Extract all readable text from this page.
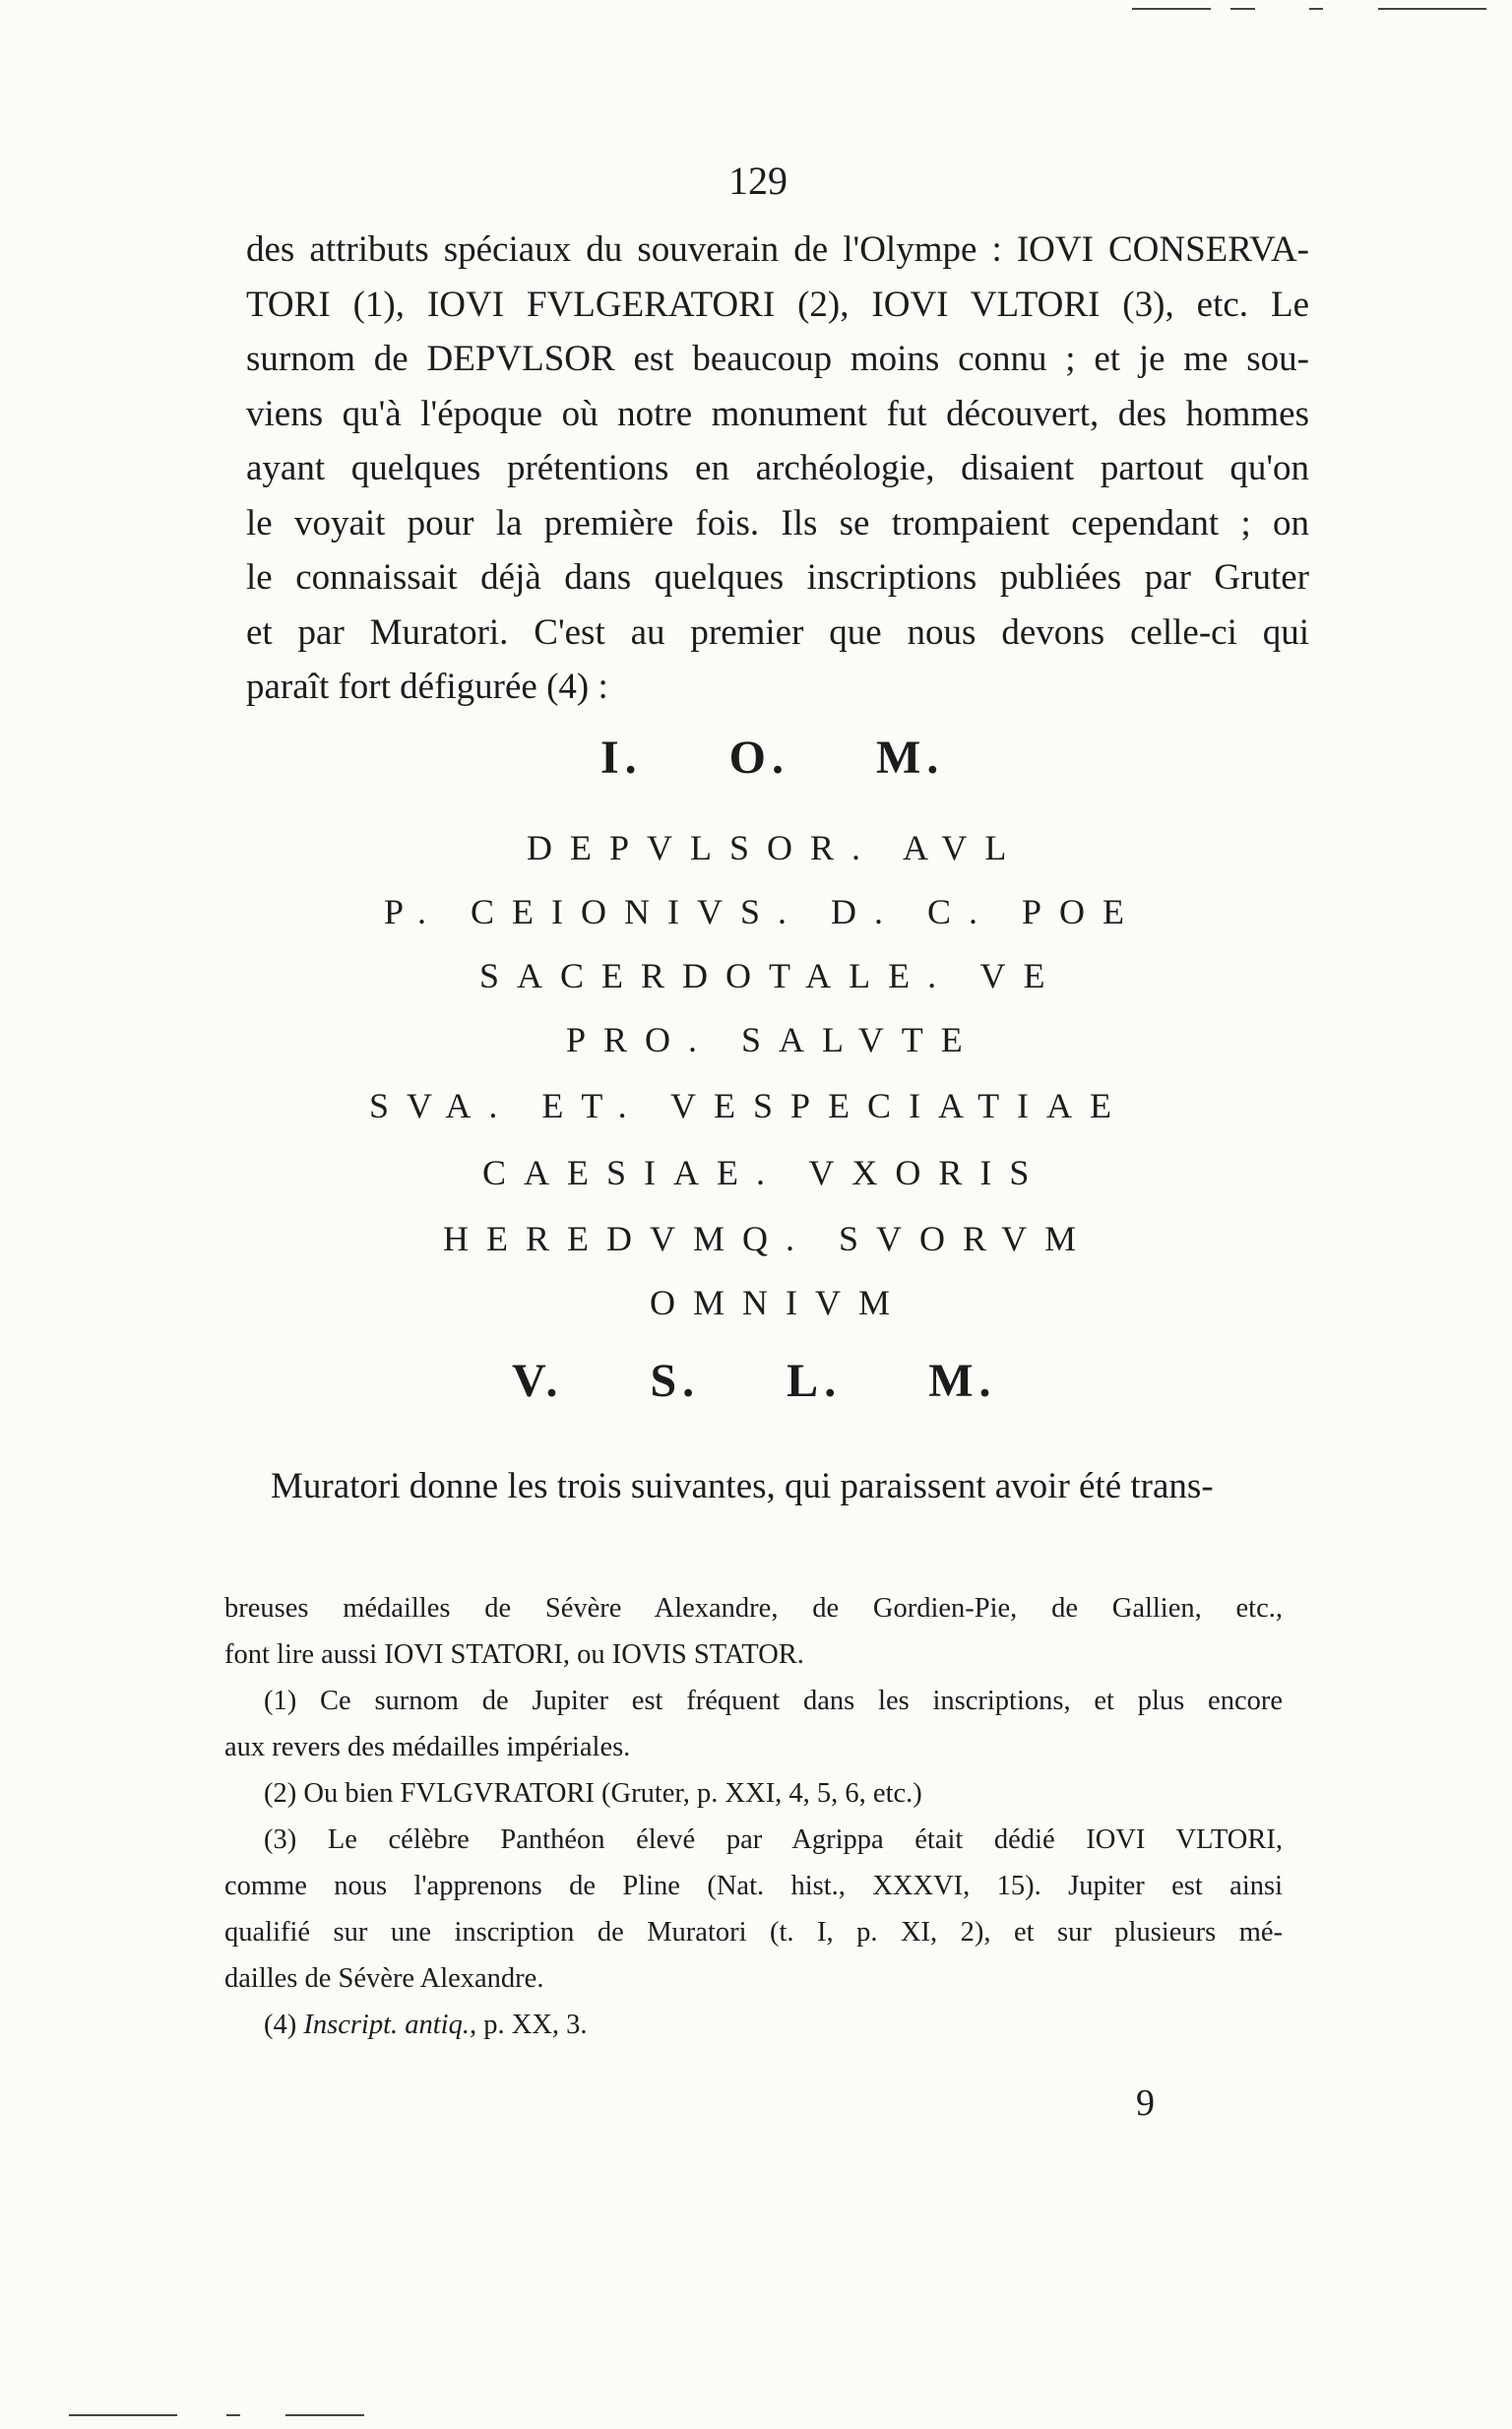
129
des attributs spéciaux du souverain de l'Olympe : IOVI CONSERVA-
TORI (1), IOVI FVLGERATORI (2), IOVI VLTORI (3), etc. Le
surnom de DEPVLSOR est beaucoup moins connu ; et je me sou-
viens qu'à l'époque où notre monument fut découvert, des hommes
ayant quelques prétentions en archéologie, disaient partout qu'on
le voyait pour la première fois. Ils se trompaient cependant ; on
le connaissait déjà dans quelques inscriptions publiées par Gruter
et par Muratori. C'est au premier que nous devons celle-ci qui
paraît fort défigurée (4) :
I. O. M.
DEPVLSOR. AVL
P. CEIONIVS. D. C. POE
SACERDOTALE. VE
PRO. SALVTE
SVA. ET. VESPECIATIAE
CAESIAE. VXORIS
HEREDVMQ. SVORVM
OMNIVM
V. S. L. M.
Muratori donne les trois suivantes, qui paraissent avoir été trans-

breuses médailles de Sévère Alexandre, de Gordien-Pie, de Gallien, etc.,

font lire aussi IOVI STATORI, ou IOVIS STATOR.

(1) Ce surnom de Jupiter est fréquent dans les inscriptions, et plus encore

aux revers des médailles impériales.

(2) Ou bien FVLGVRATORI (Gruter, p. XXI, 4, 5, 6, etc.)

(3) Le célèbre Panthéon élevé par Agrippa était dédié IOVI VLTORI,

comme nous l'apprenons de Pline (Nat. hist., XXXVI, 15). Jupiter est ainsi

qualifié sur une inscription de Muratori (t. I, p. XI, 2), et sur plusieurs mé-

dailles de Sévère Alexandre.

(4) Inscript. antiq., p. XX, 3.

9
